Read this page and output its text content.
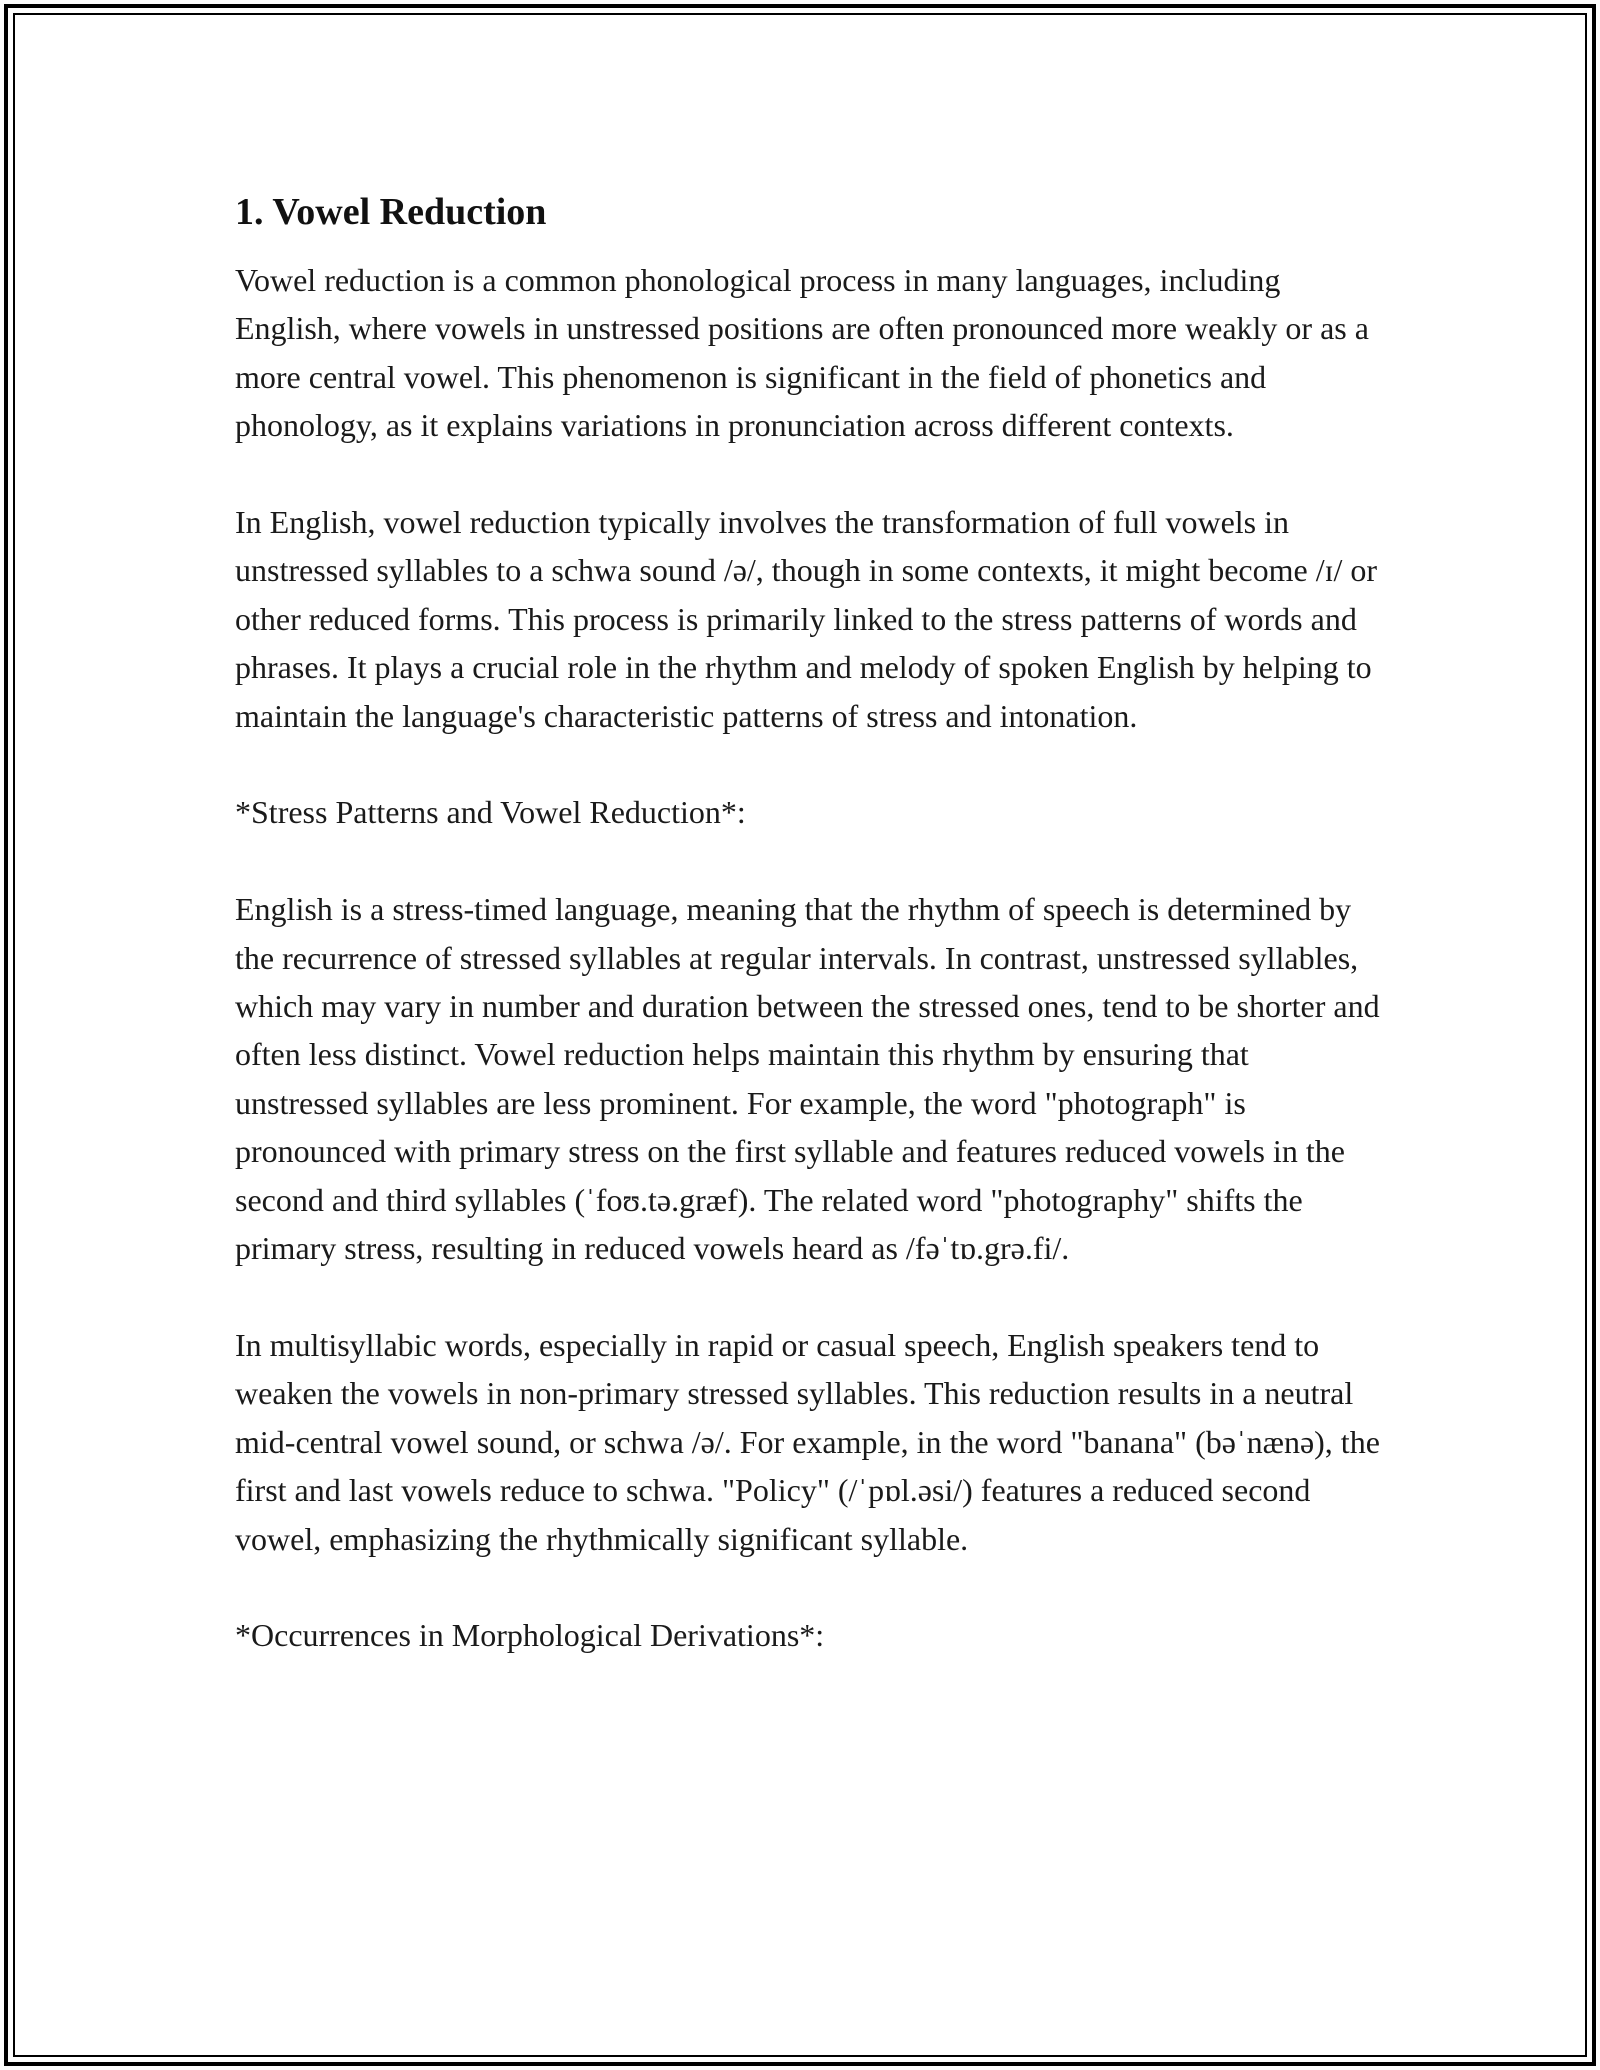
1. Vowel Reduction

Vowel reduction is a common phonological process in many languages, including English, where vowels in unstressed positions are often pronounced more weakly or as a more central vowel. This phenomenon is significant in the field of phonetics and phonology, as it explains variations in pronunciation across different contexts.

In English, vowel reduction typically involves the transformation of full vowels in unstressed syllables to a schwa sound /ə/, though in some contexts, it might become /ɪ/ or other reduced forms. This process is primarily linked to the stress patterns of words and phrases. It plays a crucial role in the rhythm and melody of spoken English by helping to maintain the language's characteristic patterns of stress and intonation.

*Stress Patterns and Vowel Reduction*:

English is a stress-timed language, meaning that the rhythm of speech is determined by the recurrence of stressed syllables at regular intervals. In contrast, unstressed syllables, which may vary in number and duration between the stressed ones, tend to be shorter and often less distinct. Vowel reduction helps maintain this rhythm by ensuring that unstressed syllables are less prominent. For example, the word "photograph" is pronounced with primary stress on the first syllable and features reduced vowels in the second and third syllables (ˈfoʊ.tə.græf). The related word "photography" shifts the primary stress, resulting in reduced vowels heard as /fəˈtɒ.grə.fi/.

In multisyllabic words, especially in rapid or casual speech, English speakers tend to weaken the vowels in non-primary stressed syllables. This reduction results in a neutral mid-central vowel sound, or schwa /ə/. For example, in the word "banana" (bəˈnænə), the first and last vowels reduce to schwa. "Policy" (/ˈpɒl.əsi/) features a reduced second vowel, emphasizing the rhythmically significant syllable.

*Occurrences in Morphological Derivations*:
